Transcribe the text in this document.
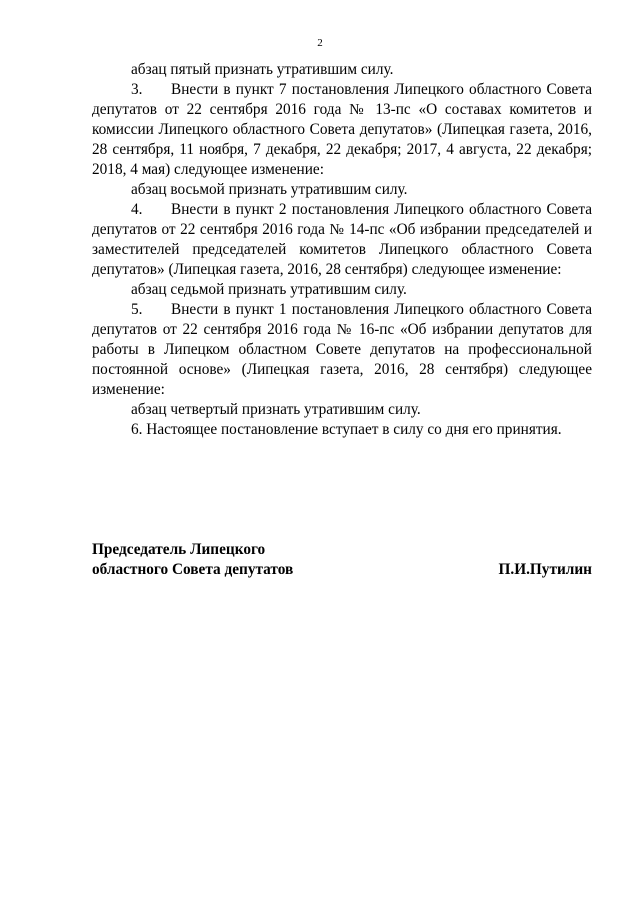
2

абзац пятый признать утратившим силу.

3. Внести в пункт 7 постановления Липецкого областного Совета депутатов от 22 сентября 2016 года № 13-пс «О составах комитетов и комиссии Липецкого областного Совета депутатов» (Липецкая газета, 2016, 28 сентября, 11 ноября, 7 декабря, 22 декабря; 2017, 4 августа, 22 декабря; 2018, 4 мая) следующее изменение:

абзац восьмой признать утратившим силу.

4. Внести в пункт 2 постановления Липецкого областного Совета депутатов от 22 сентября 2016 года № 14-пс «Об избрании председателей и заместителей председателей комитетов Липецкого областного Совета депутатов» (Липецкая газета, 2016, 28 сентября) следующее изменение:

абзац седьмой признать утратившим силу.

5. Внести в пункт 1 постановления Липецкого областного Совета депутатов от 22 сентября 2016 года № 16-пс «Об избрании депутатов для работы в Липецком областном Совете депутатов на профессиональной постоянной основе» (Липецкая газета, 2016, 28 сентября) следующее изменение:

абзац четвертый признать утратившим силу.

6. Настоящее постановление вступает в силу со дня его принятия.

Председатель Липецкого

областного Совета депутатов	П.И.Путилин
